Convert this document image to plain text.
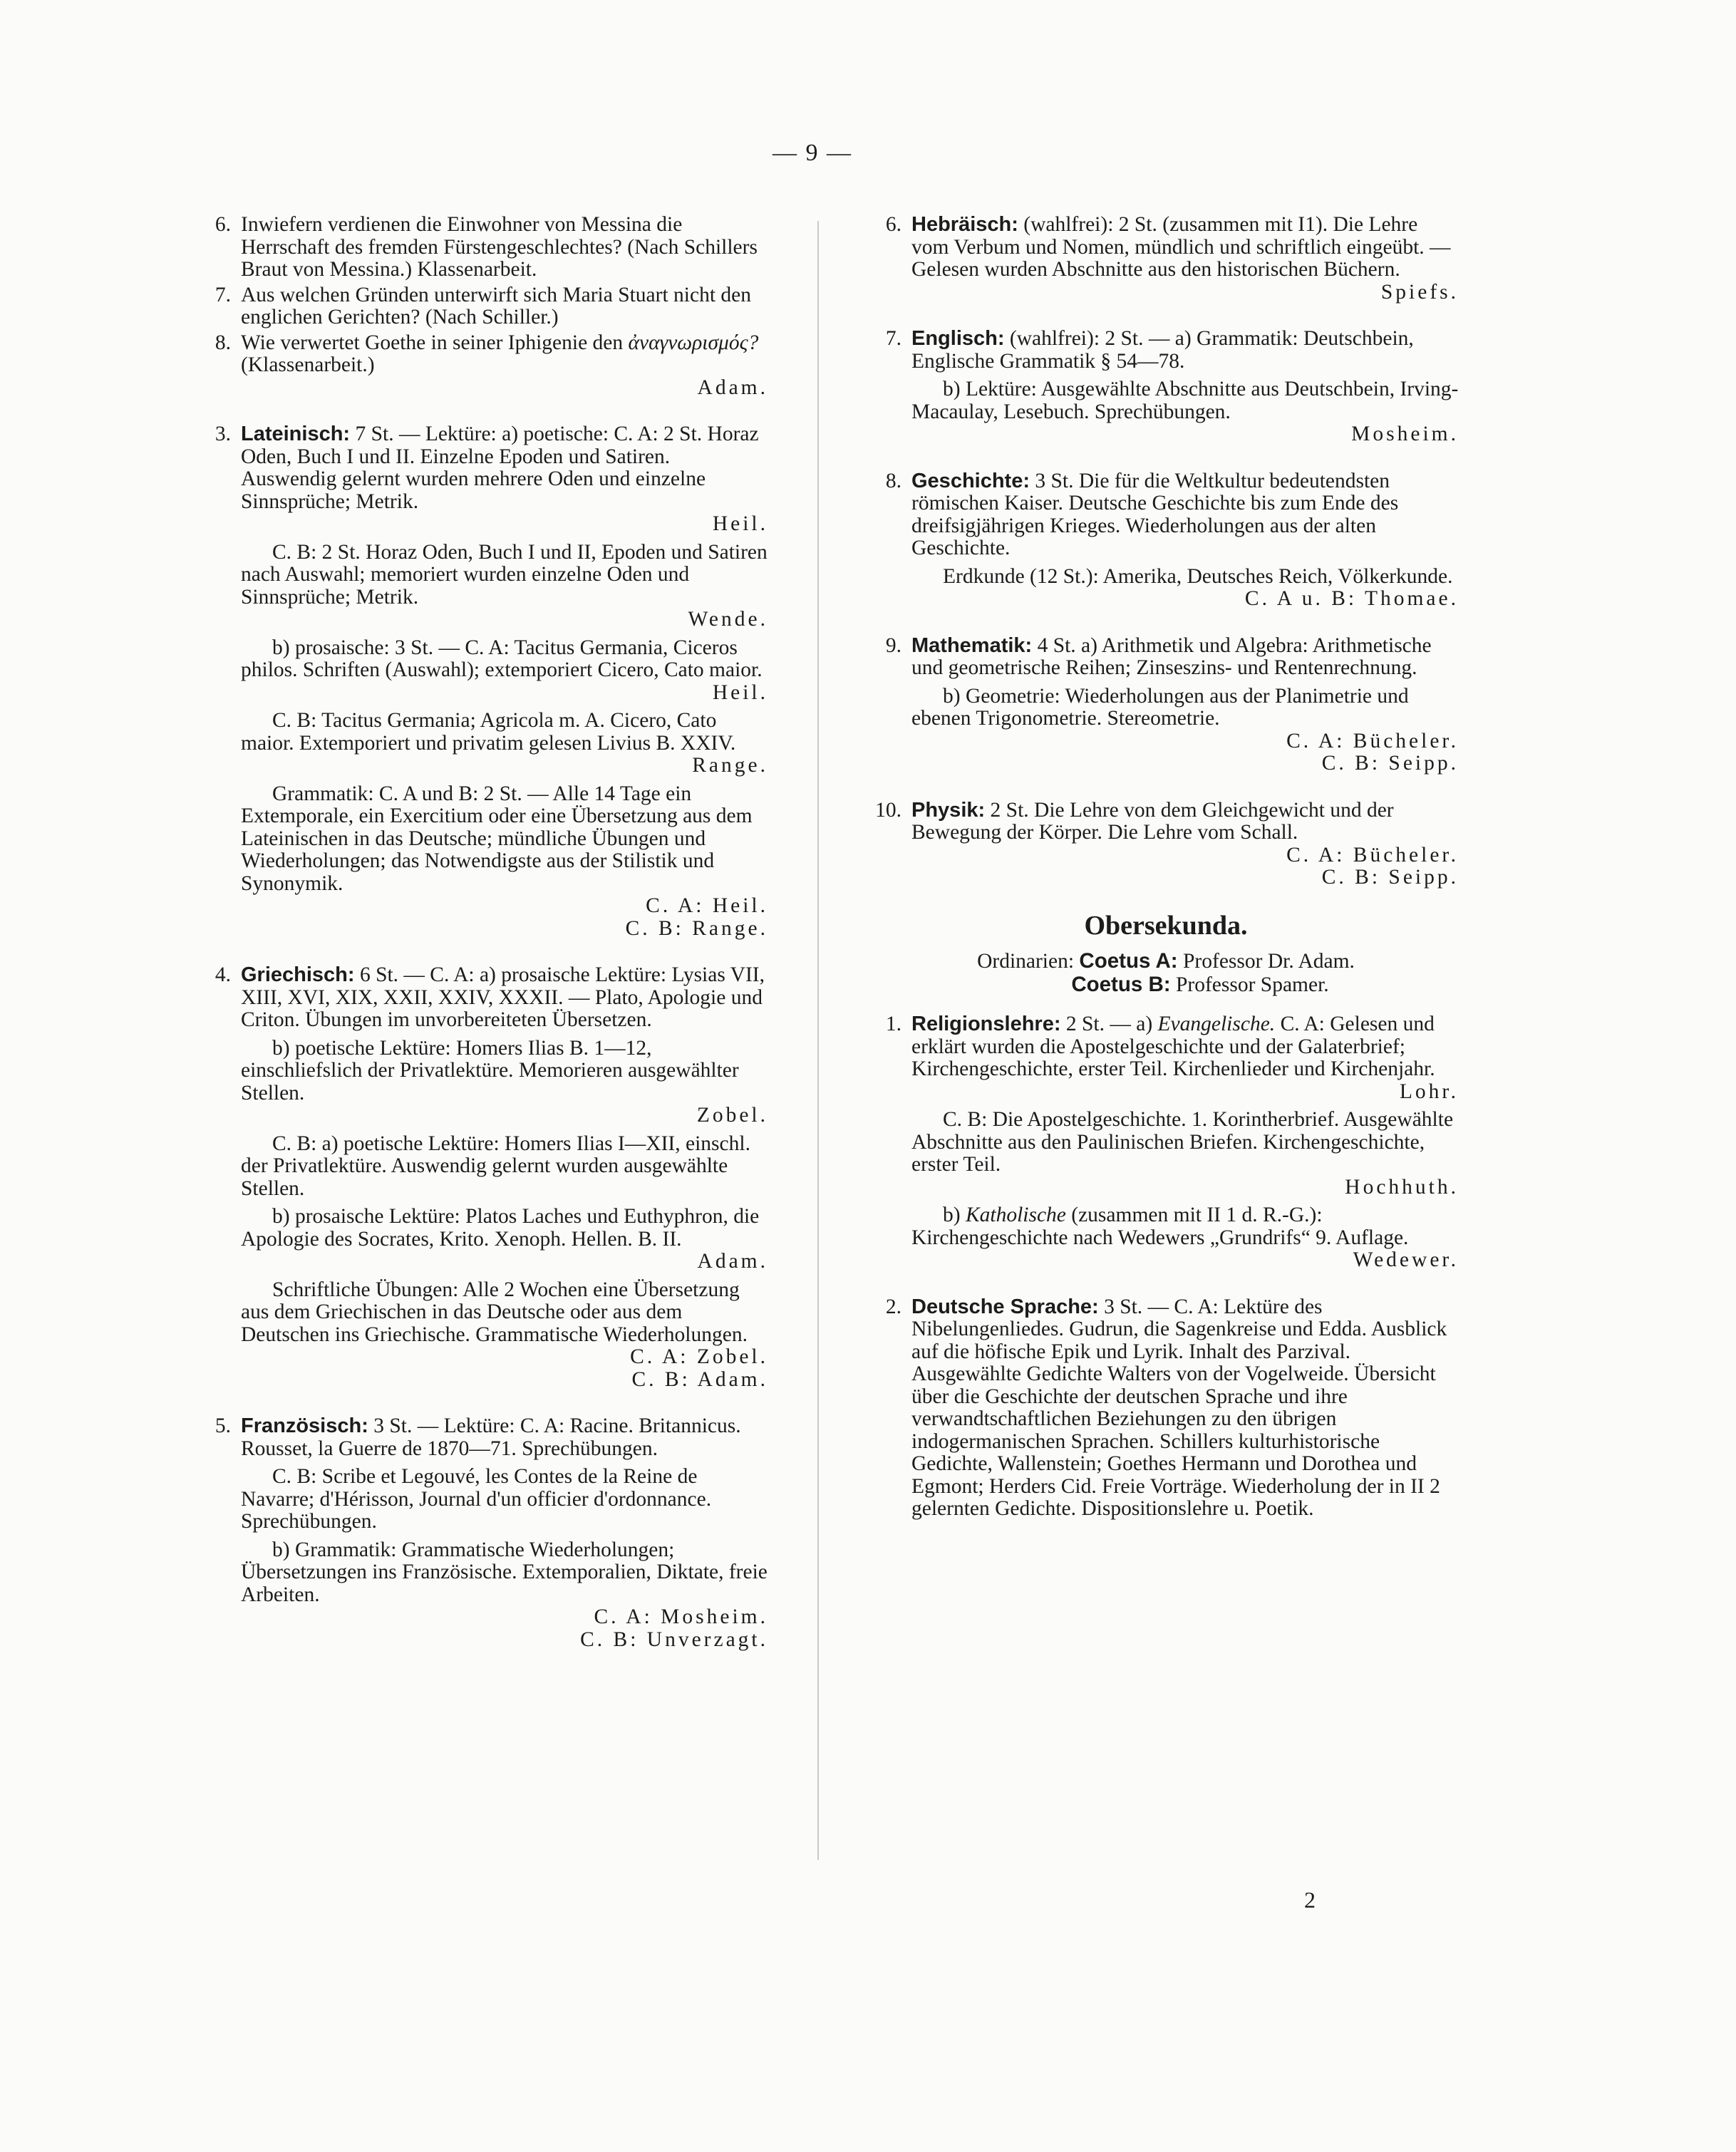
— 9 —
6. Inwiefern verdienen die Einwohner von Messina die Herrschaft des fremden Fürstengeschlechtes? (Nach Schillers Braut von Messina.) Klassenarbeit.
7. Aus welchen Gründen unterwirft sich Maria Stuart nicht den englichen Gerichten? (Nach Schiller.)
8. Wie verwertet Goethe in seiner Iphigenie den ἀναγνωρισμός? (Klassenarbeit.)
Adam.
3. Lateinisch: 7 St. — Lektüre: a) poetische: C. A: 2 St. Horaz Oden, Buch I und II. Einzelne Epoden und Satiren. Auswendig gelernt wurden mehrere Oden und einzelne Sinnsprüche; Metrik.
Heil.
C. B: 2 St. Horaz Oden, Buch I und II, Epoden und Satiren nach Auswahl; memoriert wurden einzelne Oden und Sinnsprüche; Metrik.
Wende.
b) prosaische: 3 St. — C. A: Tacitus Germania, Ciceros philos. Schriften (Auswahl); extemporiert Cicero, Cato maior.
Heil.
C. B: Tacitus Germania; Agricola m. A. Cicero, Cato maior. Extemporiert und privatim gelesen Livius B. XXIV.
Range.
Grammatik: C. A und B: 2 St. — Alle 14 Tage ein Extemporale, ein Exercitium oder eine Übersetzung aus dem Lateinischen in das Deutsche; mündliche Übungen und Wiederholungen; das Notwendigste aus der Stilistik und Synonymik.
C. A: Heil.
C. B: Range.
4. Griechisch: 6 St. — C. A: a) prosaische Lektüre: Lysias VII, XIII, XVI, XIX, XXII, XXIV, XXXII. — Plato, Apologie und Criton. Übungen im unvorbereiteten Übersetzen.
b) poetische Lektüre: Homers Ilias B. 1—12, einschliefslich der Privatlektüre. Memorieren ausgewählter Stellen.
Zobel.
C. B: a) poetische Lektüre: Homers Ilias I—XII, einschl. der Privatlektüre. Auswendig gelernt wurden ausgewählte Stellen.
b) prosaische Lektüre: Platos Laches und Euthyphron, die Apologie des Socrates, Krito. Xenoph. Hellen. B. II.
Adam.
Schriftliche Übungen: Alle 2 Wochen eine Übersetzung aus dem Griechischen in das Deutsche oder aus dem Deutschen ins Griechische. Grammatische Wiederholungen.
C. A: Zobel.
C. B: Adam.
5. Französisch: 3 St. — Lektüre: C. A: Racine. Britannicus. Rousset, la Guerre de 1870—71. Sprechübungen.
C. B: Scribe et Legouvé, les Contes de la Reine de Navarre; d'Hérisson, Journal d'un officier d'ordonnance. Sprechübungen.
b) Grammatik: Grammatische Wiederholungen; Übersetzungen ins Französische. Extemporalien, Diktate, freie Arbeiten.
C. A: Mosheim.
C. B: Unverzagt.
6. Hebräisch: (wahlfrei): 2 St. (zusammen mit I1). Die Lehre vom Verbum und Nomen, mündlich und schriftlich eingeübt. — Gelesen wurden Abschnitte aus den historischen Büchern.
Spiefs.
7. Englisch: (wahlfrei): 2 St. — a) Grammatik: Deutschbein, Englische Grammatik § 54—78.
b) Lektüre: Ausgewählte Abschnitte aus Deutschbein, Irving-Macaulay, Lesebuch. Sprechübungen.
Mosheim.
8. Geschichte: 3 St. Die für die Weltkultur bedeutendsten römischen Kaiser. Deutsche Geschichte bis zum Ende des dreifsigjährigen Krieges. Wiederholungen aus der alten Geschichte.
Erdkunde (12 St.): Amerika, Deutsches Reich, Völkerkunde.
C. A u. B: Thomae.
9. Mathematik: 4 St. a) Arithmetik und Algebra: Arithmetische und geometrische Reihen; Zinseszins- und Rentenrechnung.
b) Geometrie: Wiederholungen aus der Planimetrie und ebenen Trigonometrie. Stereometrie.
C. A: Bücheler.
C. B: Seipp.
10. Physik: 2 St. Die Lehre von dem Gleichgewicht und der Bewegung der Körper. Die Lehre vom Schall.
C. A: Bücheler.
C. B: Seipp.
Obersekunda.
Ordinarien: Coetus A: Professor Dr. Adam.
Coetus B: Professor Spamer.
1. Religionslehre: 2 St. — a) Evangelische. C. A: Gelesen und erklärt wurden die Apostelgeschichte und der Galaterbrief; Kirchengeschichte, erster Teil. Kirchenlieder und Kirchenjahr.
Lohr.
C. B: Die Apostelgeschichte. 1. Korintherbrief. Ausgewählte Abschnitte aus den Paulinischen Briefen. Kirchengeschichte, erster Teil.
Hochhuth.
b) Katholische (zusammen mit II 1 d. R.-G.): Kirchengeschichte nach Wedewers „Grundrifs“ 9. Auflage.
Wedewer.
2. Deutsche Sprache: 3 St. — C. A: Lektüre des Nibelungenliedes. Gudrun, die Sagenkreise und Edda. Ausblick auf die höfische Epik und Lyrik. Inhalt des Parzival. Ausgewählte Gedichte Walters von der Vogelweide. Übersicht über die Geschichte der deutschen Sprache und ihre verwandtschaftlichen Beziehungen zu den übrigen indogermanischen Sprachen. Schillers kulturhistorische Gedichte, Wallenstein; Goethes Hermann und Dorothea und Egmont; Herders Cid. Freie Vorträge. Wiederholung der in II 2 gelernten Gedichte. Dispositionslehre u. Poetik.
2
